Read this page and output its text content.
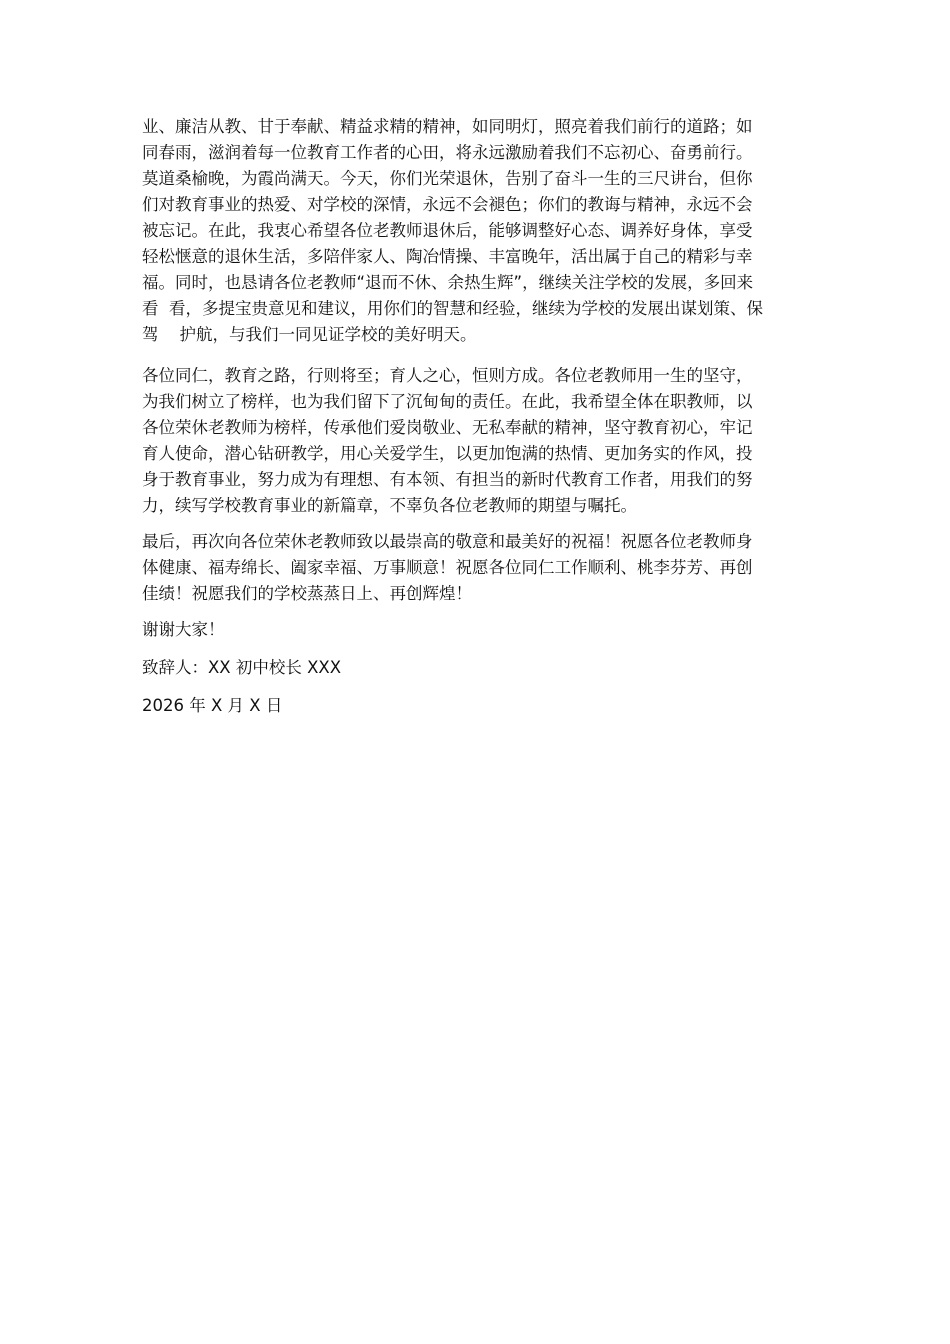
业、廉洁从教、甘于奉献、精益求精的精神，如同明灯，照亮着我们前行的道路；如
同春雨，滋润着每一位教育工作者的心田，将永远激励着我们不忘初心、奋勇前行。
莫道桑榆晚，为霞尚满天。今天，你们光荣退休，告别了奋斗一生的三尺讲台，但你
们对教育事业的热爱、对学校的深情，永远不会褪色；你们的教诲与精神，永远不会
被忘记。在此，我衷心希望各位老教师退休后，能够调整好心态、调养好身体，享受
轻松惬意的退休生活，多陪伴家人、陶冶情操、丰富晚年，活出属于自己的精彩与幸
福。同时，也恳请各位老教师“退而不休、余热生辉”，继续关注学校的发展，多回来
看  看，多提宝贵意见和建议，用你们的智慧和经验，继续为学校的发展出谋划策、保
驾    护航，与我们一同见证学校的美好明天。
各位同仁，教育之路，行则将至；育人之心，恒则方成。各位老教师用一生的坚守，
为我们树立了榜样，也为我们留下了沉甸甸的责任。在此，我希望全体在职教师，以
各位荣休老教师为榜样，传承他们爱岗敬业、无私奉献的精神，坚守教育初心，牢记
育人使命，潜心钻研教学，用心关爱学生，以更加饱满的热情、更加务实的作风，投
身于教育事业，努力成为有理想、有本领、有担当的新时代教育工作者，用我们的努
力，续写学校教育事业的新篇章，不辜负各位老教师的期望与嘱托。
最后，再次向各位荣休老教师致以最崇高的敬意和最美好的祝福！祝愿各位老教师身
体健康、福寿绵长、阖家幸福、万事顺意！祝愿各位同仁工作顺利、桃李芬芳、再创
佳绩！祝愿我们的学校蒸蒸日上、再创辉煌！
谢谢大家！
致辞人：XX 初中校长 XXX
2026 年 X 月 X 日
